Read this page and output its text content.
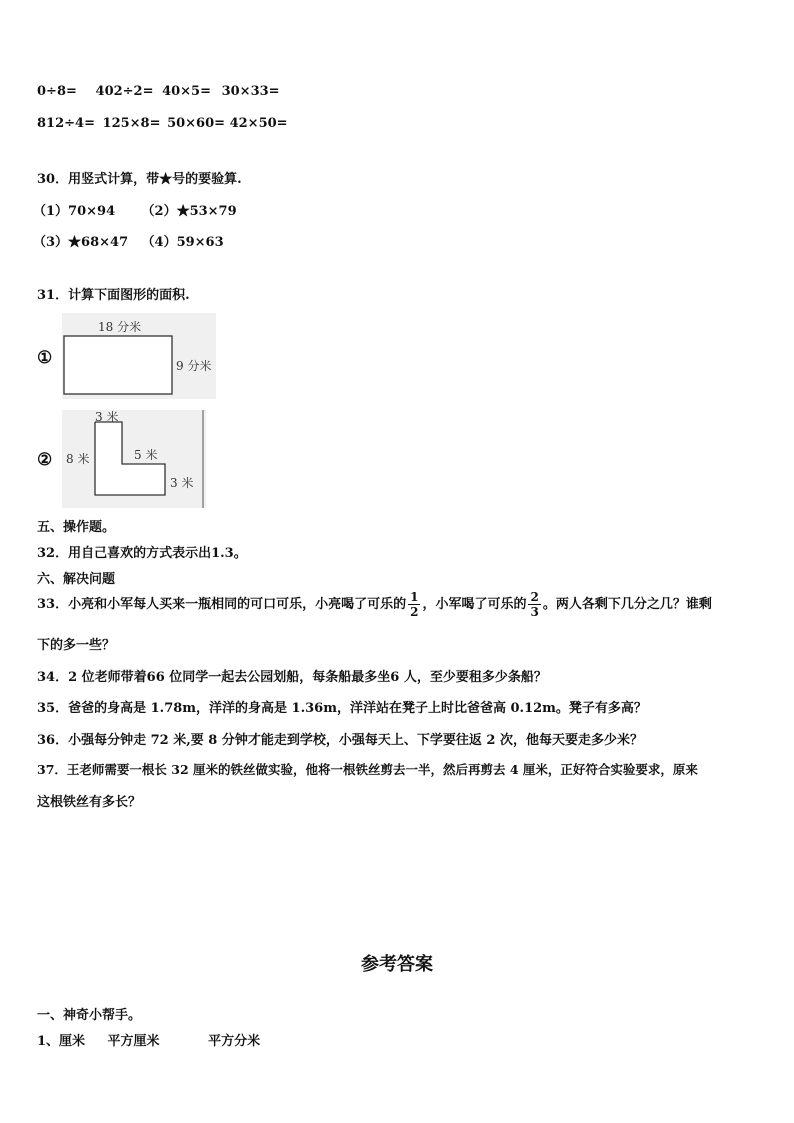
0÷8= 402÷2= 40×5= 30×33=
812÷4= 125×8= 50×60= 42×50=
30．用竖式计算，带★号的要验算.
（1）70×94 （2）★53×79
（3）★68×47 （4）59×63
31．计算下面图形的面积.
①
18 分米
9 分米
②
3 米
8 米	5 米
3 米
五、操作题。
32．用自己喜欢的方式表示出1.3。
六、解决问题
33．小亮和小军每人买来一瓶相同的可口可乐，小亮喝了可乐的 $\frac{1}{2}$ ，小军喝了可乐的 $\frac{2}{3}$ 。两人各剩下几分之几？谁剩
下的多一些？
34．2 位老师带着66 位同学一起去公园划船，每条船最多坐6 人，至少要租多少条船？
35．爸爸的身高是 1.78m，洋洋的身高是 1.36m，洋洋站在凳子上时比爸爸高 0.12m。凳子有多高？
36．小强每分钟走 72 米,要 8 分钟才能走到学校，小强每天上、下学要往返 2 次，他每天要走多少米？
37．王老师需要一根长 32 厘米的铁丝做实验，他将一根铁丝剪去一半，然后再剪去 4 厘米，正好符合实验要求，原来
这根铁丝有多长？
参考答案
一、神奇小帮手。
1、厘米 平方厘米	平方分米
